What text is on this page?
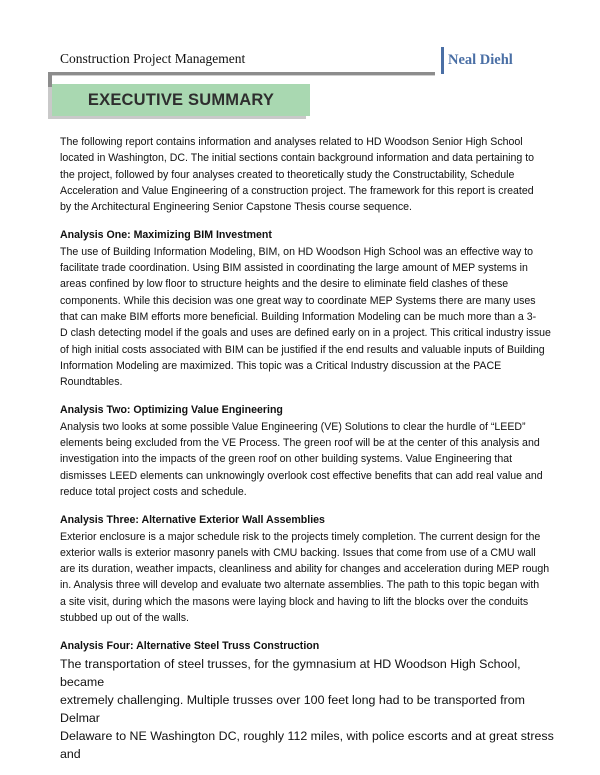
Construction Project Management	Neal Diehl
EXECUTIVE SUMMARY

The following report contains information and analyses related to HD Woodson Senior High School
located in Washington, DC. The initial sections contain background information and data pertaining to
the project, followed by four analyses created to theoretically study the Constructability, Schedule
Acceleration and Value Engineering of a construction project. The framework for this report is created
by the Architectural Engineering Senior Capstone Thesis course sequence.

Analysis One: Maximizing BIM Investment

The use of Building Information Modeling, BIM, on HD Woodson High School was an effective way to
facilitate trade coordination. Using BIM assisted in coordinating the large amount of MEP systems in
areas confined by low floor to structure heights and the desire to eliminate field clashes of these
components. While this decision was one great way to coordinate MEP Systems there are many uses
that can make BIM efforts more beneficial. Building Information Modeling can be much more than a 3-
D clash detecting model if the goals and uses are defined early on in a project. This critical industry issue
of high initial costs associated with BIM can be justified if the end results and valuable inputs of Building
Information Modeling are maximized. This topic was a Critical Industry discussion at the PACE
Roundtables.

Analysis Two: Optimizing Value Engineering

Analysis two looks at some possible Value Engineering (VE) Solutions to clear the hurdle of “LEED”
elements being excluded from the VE Process. The green roof will be at the center of this analysis and
investigation into the impacts of the green roof on other building systems. Value Engineering that
dismisses LEED elements can unknowingly overlook cost effective benefits that can add real value and
reduce total project costs and schedule.

Analysis Three: Alternative Exterior Wall Assemblies

Exterior enclosure is a major schedule risk to the projects timely completion. The current design for the
exterior walls is exterior masonry panels with CMU backing. Issues that come from use of a CMU wall
are its duration, weather impacts, cleanliness and ability for changes and acceleration during MEP rough
in. Analysis three will develop and evaluate two alternate assemblies. The path to this topic began with
a site visit, during which the masons were laying block and having to lift the blocks over the conduits
stubbed up out of the walls.

Analysis Four: Alternative Steel Truss Construction

The transportation of steel trusses, for the gymnasium at HD Woodson High School, became
extremely challenging. Multiple trusses over 100 feet long had to be transported from Delmar
Delaware to NE Washington DC, roughly 112 miles, with police escorts and at great stress and
